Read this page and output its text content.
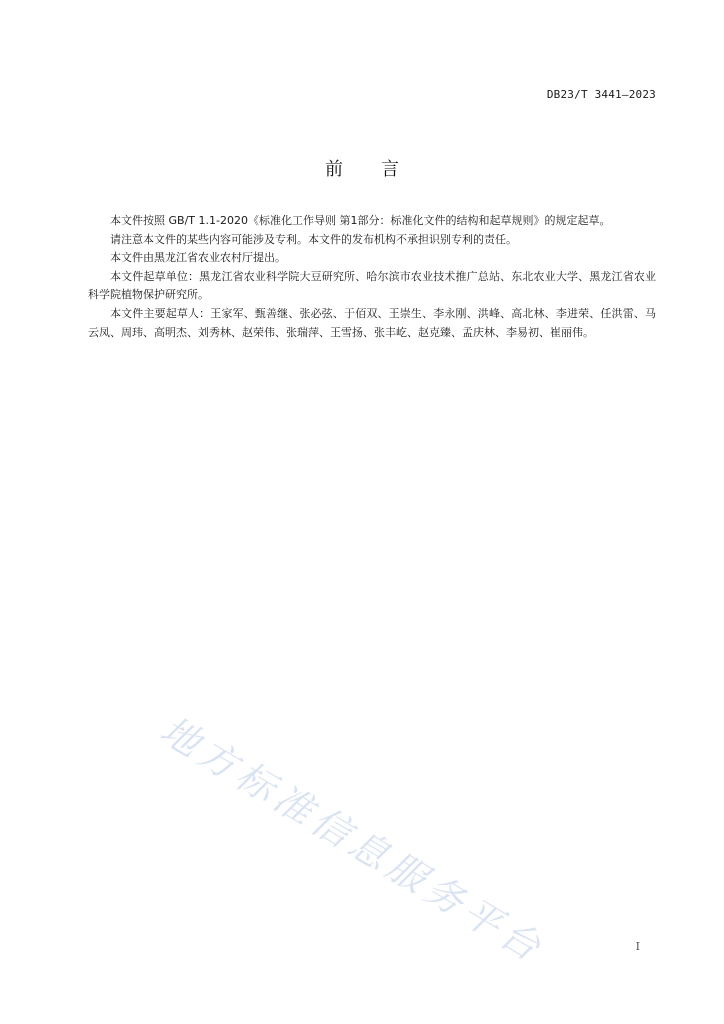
DB23/T 3441—2023
前 言

本文件按照 GB/T 1.1-2020《标准化工作导则 第1部分：标准化文件的结构和起草规则》的规定起草。

请注意本文件的某些内容可能涉及专利。本文件的发布机构不承担识别专利的责任。

本文件由黑龙江省农业农村厅提出。

本文件起草单位：黑龙江省农业科学院大豆研究所、哈尔滨市农业技术推广总站、东北农业大学、黑龙江省农业科学院植物保护研究所。

本文件主要起草人：王家军、甄善继、张必弦、于佰双、王崇生、李永刚、洪峰、高北林、李进荣、任洪雷、马云凤、周玮、高明杰、刘秀林、赵荣伟、张瑞萍、王雪扬、张丰屹、赵克臻、孟庆林、李易初、崔丽伟。

地方标准信息服务平台	I
